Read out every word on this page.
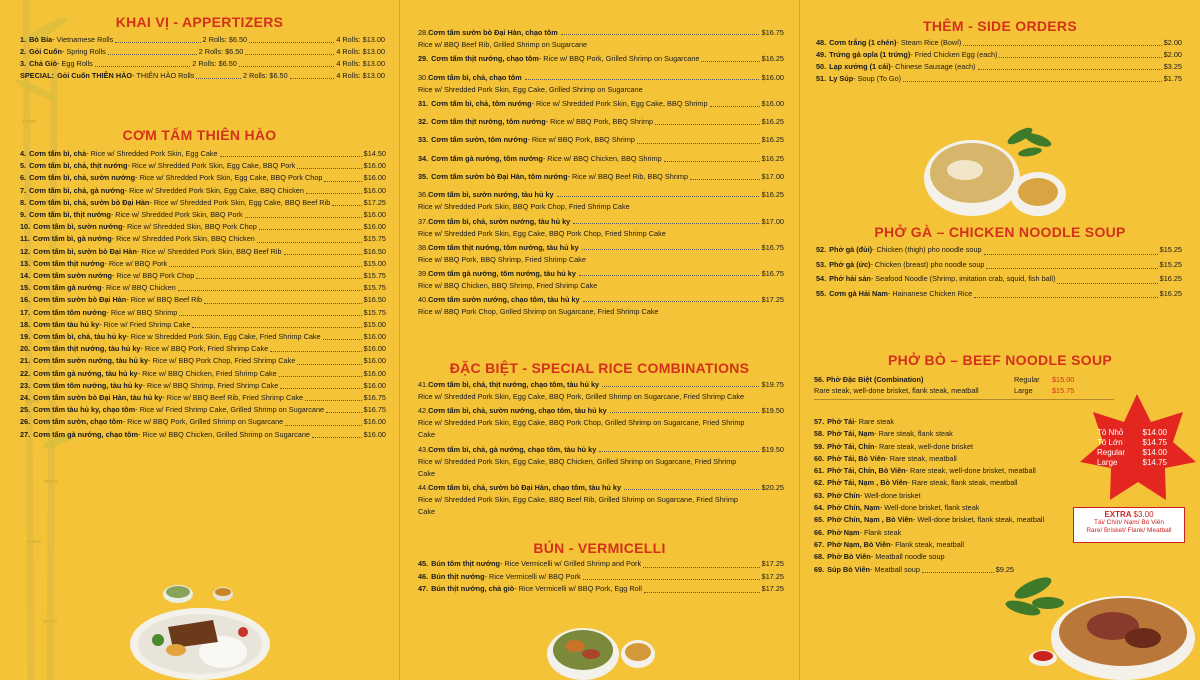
KHAI VỊ - APPERTIZERS
1. Bò Bía - Vietnamese Rolls	2 Rolls: $6.50	4 Rolls: $13.00
2. Gỏi Cuốn - Spring Rolls	2 Rolls: $6.50	4 Rolls: $13.00
3. Chả Giò - Egg Rolls	2 Rolls: $6.50	4 Rolls: $13.00
SPECIAL: Gỏi Cuốn THIÊN HÀO - THIÊN HÀO Rolls	2 Rolls: $6.50	4 Rolls: $13.00
CƠM TẤM THIÊN HÀO
4. Cơm tấm bì, chả - Rice w/ Shredded Pork Skin, Egg Cake	$14.50
5. Cơm tấm bì, chả, thịt nướng - Rice w/ Shredded Pork Skin, Egg Cake, BBQ Pork	$16.00
6. Cơm tấm bì, chả, sườn nướng - Rice w/ Shredded Pork Skin, Egg Cake, BBQ Pork Chop	$16.00
7. Cơm tấm bì, chả, gà nướng - Rice w/ Shredded Pork Skin, Egg Cake, BBQ Chicken	$16.00
8. Cơm tấm bì, chả, sườn bò Đại Hàn - Rice w/ Shredded Pork Skin, Egg Cake, BBQ Beef Rib	$17.25
9. Cơm tấm bì, thịt nướng - Rice w/ Shredded Pork Skin, BBQ Pork	$16.00
10. Cơm tấm bì, sườn nướng - Rice w/ Shredded Skin, BBQ Pork Chop	$16.00
11. Cơm tấm bì, gà nướng - Rice w/ Shredded Pork Skin, BBQ Chicken	$15.75
12. Cơm tấm bì, sườn bò Đại Hàn - Rice w/ Shredded Pork Skin, BBQ Beef Rib	$16.50
13. Cơm tấm thịt nướng - Rice w/ BBQ Pork	$15.00
14. Cơm tấm sườn nướng - Rice w/ BBQ Pork Chop	$15.75
15. Cơm tấm gà nướng - Rice w/ BBQ Chicken	$15.75
16. Cơm tấm sườn bò Đại Hàn - Rice w/ BBQ Beef Rib	$16.50
17. Cơm tấm tôm nướng - Rice w/ BBQ Shrimp	$15.75
18. Cơm tấm tàu hủ ky - Rice w/ Fried Shrimp Cake	$15.00
19. Cơm tấm bì, chả, tàu hủ ky - Rice w Shredded Pork Skin, Egg Cake, Fried Shrimp Cake	$16.00
20. Cơm tấm thịt nướng, tàu hủ ky - Rice w/ BBQ Pork, Fried Shrimp Cake	$16.00
21. Cơm tấm sườn nướng, tàu hủ ky - Rice w/ BBQ Pork Chop, Fried Shrimp Cake	$16.00
22. Cơm tấm gà nướng, tàu hủ ky - Rice w/ BBQ Chicken, Fried Shrimp Cake	$16.00
23. Cơm tấm tôm nướng, tàu hủ ky - Rice w/ BBQ Shrimp, Fried Shrimp Cake	$16.00
24. Cơm tấm sườn bò Đại Hàn, tàu hủ ky - Rice w/ BBQ Beef Rib, Fried Shrimp Cake	$16.75
25. Cơm tấm tàu hủ ky, chạo tôm - Rice w/ Fried Shrimp Cake, Grilled Shrimp on Sugarcane	$16.75
26. Cơm tấm sườn, chạo tôm - Rice w/ BBQ Pork, Grilled Shrimp on Sugarcane	$16.00
27. Cơm tấm gà nướng, chạo tôm - Rice w/ BBQ Chicken, Grilled Shrimp on Sugarcane	$16.00
28. Cơm tấm sườn bò Đại Hàn, chạo tôm	$16.75
Rice w/ BBQ Beef Rib, Grilled Shrimp on Sugarcane
29. Cơm tấm thịt nướng, chạo tôm - Rice w/ BBQ Pork, Grilled Shrimp on Sugarcane	$16.25
30. Cơm tấm bì, chả, chạo tôm	$16.00
Rice w/ Shredded Pork Skin, Egg Cake, Grilled Shrimp on Sugarcane
31. Cơm tấm bì, chả, tôm nướng - Rice w/ Shredded Pork Skin, Egg Cake, BBQ Shrimp	$16.00
32. Cơm tấm thịt nướng, tôm nướng - Rice w/ BBQ Pork, BBQ Shrimp	$16.25
33. Cơm tấm sườn, tôm nướng - Rice w/ BBQ Pork, BBQ Shrimp	$16.25
34. Cơm tấm gà nướng, tôm nướng - Rice w/ BBQ Chicken, BBQ Shrimp	$16.25
35. Cơm tấm sườn bò Đại Hàn, tôm nướng - Rice w/ BBQ Beef Rib, BBQ Shrimp	$17.00
36. Cơm tấm bì, sườn nướng, tàu hủ ky	$16.25
Rice w/ Shredded Pork Skin, BBQ Pork Chop, Fried Shrimp Cake
37. Cơm tấm bì, chả, sườn nướng, tàu hủ ky	$17.00
Rice w/ Shredded Pork Skin, Egg Cake, BBQ Pork Chop, Fried Shrimp Cake
38. Cơm tấm thịt nướng, tôm nướng, tàu hủ ky	$16.75
Rice w/ BBQ Pork, BBQ Shrimp, Fried Shrimp Cake
39. Cơm tấm gà nướng, tôm nướng, tàu hủ ky	$16.75
Rice w/ BBQ Chicken, BBQ Shrimp, Fried Shrimp Cake
40. Cơm tấm sườn nướng, chạo tôm, tàu hủ ky	$17.25
Rice w/ BBQ Pork Chop, Grilled Shrimp on Sugarcane, Fried Shrimp Cake
ĐẶC BIỆT - SPECIAL RICE COMBINATIONS
41. Cơm tấm bì, chả, thịt nướng, chạo tôm, tàu hủ ky	$19.75
Rice w/ Shredded Pork Skin, Egg Cake, BBQ Pork, Grilled Shrimp on Sugarcane, Fried Shrimp Cake
42. Cơm tấm bì, chả, sườn nướng, chạo tôm, tàu hủ ky	$19.50
Rice w/ Shredded Pork Skin, Egg Cake, BBQ Pork Chop, Grilled Shrimp on Sugarcane, Fried Shrimp Cake
43. Cơm tấm bì, chả, gà nướng, chạo tôm, tàu hủ ky	$19.50
Rice w/ Shredded Pork Skin, Egg Cake, BBQ Chicken, Grilled Shrimp on Sugarcane, Fried Shrimp Cake
44. Cơm tấm bì, chả, sườn bò Đại Hàn, chạo tôm, tàu hủ ky	$20.25
Rice w/ Shredded Pork Skin, Egg Cake, BBQ Beef Rib, Grilled Shrimp on Sugarcane, Fried Shrimp Cake
BÚN - VERMICELLI
45. Bún tôm thịt nướng - Rice Vermicelli w/ Grilled Shrimp and Pork	$17.25
46. Bún thịt nướng - Rice Vermicelli w/ BBQ Pork	$17.25
47. Bún thịt nướng, chả giò - Rice Vermicelli w/ BBQ Pork, Egg Roll	$17.25
THÊM - SIDE ORDERS
48. Cơm trắng (1 chén) - Steam Rice (Bowl)	$2.00
49. Trứng gà opla (1 trứng) - Fried Chicken Egg (each)	$2.00
50. Lạp xưởng (1 cái) - Chinese Sausage (each)	$3.25
51. Ly Súp - Soup (To Go)	$1.75
PHỞ GÀ – CHICKEN NOODLE SOUP
52. Phở gà (đùi) - Chicken (thigh) pho noodle soup	$15.25
53. Phở gà (ức) - Chicken (breast) pho noodle soup	$15.25
54. Phở hải sản - Seafood Noodle (Shrimp, imitation crab, squid, fish ball)	$16.25
55. Cơm gà Hải Nam - Hainanese Chicken Rice	$16.25
PHỞ BÒ – BEEF NOODLE SOUP
56. Phở Đặc Biệt (Combination)	Regular	$15.00
Rare steak, well-done brisket, flank steak, meatball	Large	$15.75
57. Phở Tái - Rare steak
58. Phở Tái, Nạm - Rare steak, flank steak
59. Phở Tái, Chín - Rare steak, well-done brisket
60. Phở Tái, Bò Viên - Rare steak, meatball
61. Phở Tái, Chín, Bò Viên - Rare steak, well-done brisket, meatball
62. Phở Tái, Nạm , Bò Viên - Rare steak, flank steak, meatball
63. Phở Chín - Well-done brisket
64. Phở Chín, Nạm - Well-done brisket, flank steak
65. Phở Chín, Nạm , Bò Viên - Well-done brisket, flank steak, meatball
66. Phở Nạm - Flank steak
67. Phở Nạm, Bò Viên - Flank steak, meatball
68. Phở Bò Viên - Meatball noodle soup
69. Súp Bò Viên - Meatball soup	$9.25
Tô Nhỏ $14.00
Tô Lớn $14.75
Regular $14.00
Large	$14.75
EXTRA $3.00
Tái/ Chín/ Nạm/ Bò Viên
Rare/ Brisket/ Flank/ Meatball
